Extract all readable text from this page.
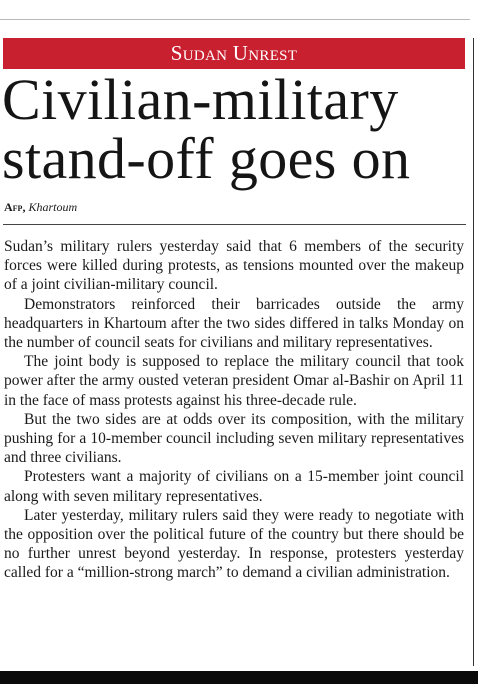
Sudan Unrest
Civilian-military
stand-off goes on
Afp, Khartoum

Sudan’s military rulers yesterday said that 6 members of the security forces were killed during protests, as tensions mounted over the makeup of a joint civilian-military council.

Demonstrators reinforced their barricades outside the army headquarters in Khartoum after the two sides differed in talks Monday on the number of council seats for civilians and military representatives.

The joint body is supposed to replace the military council that took power after the army ousted veteran president Omar al-Bashir on April 11 in the face of mass protests against his three-decade rule.

But the two sides are at odds over its composition, with the military pushing for a 10-member council including seven military representatives and three civilians.

Protesters want a majority of civilians on a 15-member joint council along with seven military representatives.

Later yesterday, military rulers said they were ready to negotiate with the opposition over the political future of the country but there should be no further unrest beyond yesterday. In response, protesters yesterday called for a “million-strong march” to demand a civilian administration.
